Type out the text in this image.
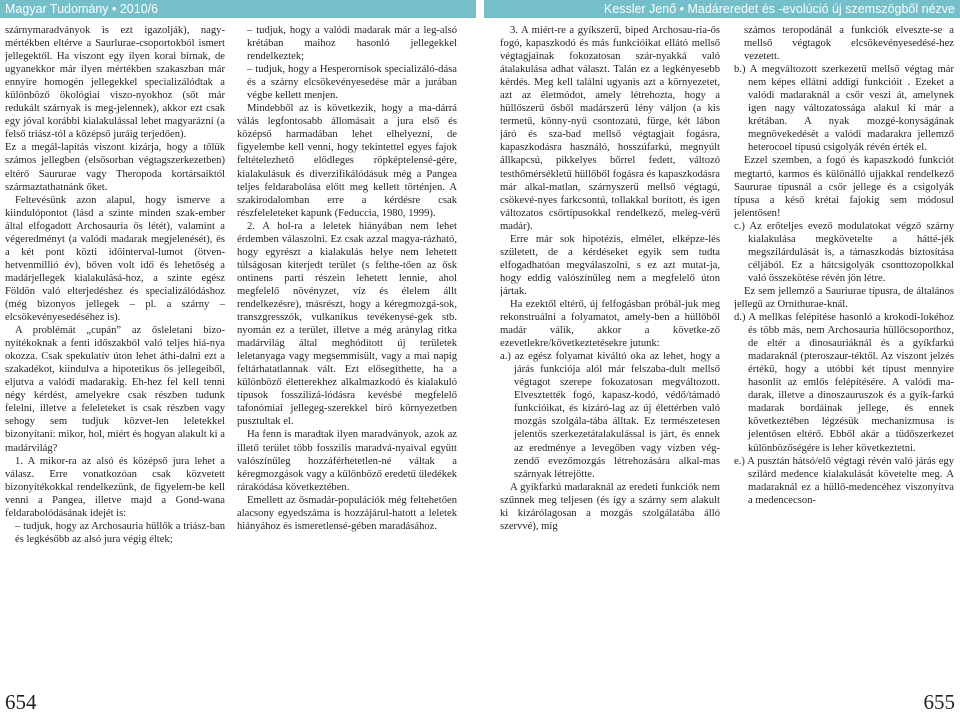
Magyar Tudomány • 2010/6	Kessler Jenő • Madáreredet és -evolúció új szemszögből nézve

szárnymaradványok is ezt igazolják), nagy-mértékben eltérve a Saurlurae-csoportokból ismert jellegektől. Ha viszont egy ilyen korai bírnak, de ugyanekkor már ilyen mértékben szakaszban már ennyire homogén jellegekkel specializálódtak a különböző ökológiai viszo-nyokhoz (sőt már redukált szárnyak is meg-jelennek), akkor ezt csak egy jóval korábbi kialakulással lehet magyarázni (a felső triász-tól a középső juráig terjedően).

Ez a megál-lapítás viszont kizárja, hogy a tőlük számos jellegben (elsősorban végtagszerkezetben) eltérő Saururae vagy Theropoda kortársaiktól származtathatnánk őket.

Feltevésünk azon alapul, hogy ismerve a kiindulópontot (lásd a szinte minden szak-ember által elfogadott Archosauria ős létét), valamint a végeredményt (a valódi madarak megjelenését), és a két pont közti időinterval-lumot (ötven-hetvenmillió év), bőven volt idő és lehetőség a madárjellegek kialakulásá-hoz, a szinte egész Földön való elterjedéshez és specializálódáshoz (még bizonyos jellegek – pl. a szárny – elcsökevényesedéséhez is).

A problémát „cupán” az ősleletani bizo-nyítékoknak a fenti időszakból való teljes hiá-nya okozza. Csak spekulatív úton lehet áthi-dalni ezt a szakadékot, kiindulva a hipotetikus ős jellegeiből, eljutva a valódi madarakig. Eh-hez fel kell tenni négy kérdést, amelyekre csak részben tudunk felelni, illetve a feleleteket is csak részben vagy sehogy sem tudjuk közvet-len leletekkel bizonyítani: mikor, hol, miért és hogyan alakult ki a madárvilág?

1. A mikor-ra az alsó és középső jura lehet a válasz. Erre vonatkozóan csak közvetett bizonyítékokkal rendelkezünk, de figyelem-be kell venni a Pangea, illetve majd a Gond-wana feldarabolódásának idejét is:

– tudjuk, hogy az Archosauria hüllők a triász-ban és legkésőbb az alsó jura végig éltek;

– tudjuk, hogy a valódi madarak már a leg-alsó krétában maihoz hasonló jellegekkel rendelkeztek;

– tudjuk, hogy a Hesperornisok specializáló-dása és a szárny elcsökevényesedése már a jurában végbe kellett menjen.

Mindebből az is következik, hogy a ma-dárrá válás legfontosabb állomásait a jura első és középső harmadában lehet elhelyezni, de figyelembe kell venni, hogy tekintettel egyes fajok feltételezhető elődleges röpképtelensé-gére, kialakulásuk és diverzifikálódásuk még a Pangea teljes feldarabolása előtt meg kellett történjen. A szakirodalomban erre a kérdésre csak részfeleleteket kapunk (Feduccia, 1980, 1999).

2. A hol-ra a leletek hiányában nem lehet érdemben válaszolni. Ez csak azzal magya-rázható, hogy egyrészt a kialakulás helye nem lehetett túlságosan kiterjedt terület (s felthe-tően az ősk ontinens parti részein lehetett lennie, ahol megfelelő növényzet, víz és élelem állt rendelkezésre), másrészt, hogy a kéregmozgá-sok, transzgresszók, vulkanikus tevékenysé-gek stb. nyomán ez a terület, illetve a még aránylag ritka madárvilág által meghódított új területek leletanyaga vagy megsemmisült, vagy a mai napig feltárhatatlannak vált. Ezt elősegíthette, ha a különböző életterekhez alkalmazkodó és kialakuló típusok fosszilizá-lódásra kevésbé megfelelő tafonómiai jellegeg-szerekkel bíró környezetben pusztultak el.

Ha fenn is maradtak ilyen maradványok, azok az illető terület több fosszilis maradvá-nyaival együtt valószínűleg hozzáférhetetlen-né váltak a kéregmozgások vagy a különböző eredetű üledékek rárakódása következtében.

Emellett az ősmadár-populációk még feltehetően alacsony egyedszáma is hozzájárul-hatott a leletek hiányához és ismeretlensé-gében maradásához.

3. A miért-re a gyíkszerű, biped Archosau-ria-ős fogó, kapaszkodó és más funkcióikat ellátó mellső végtagjainak fokozatosan szár-nyakká való átalakulása adhat választ. Talán ez a legkényesebb kérdés. Meg kell találni ugyanis azt a környezetet, azt az életmódot, amely létrehozta, hogy a hüllőszerű ősből madárszerű lény váljon (a kis termetű, könny-nyű csontozatú, fürge, két lábon járó és sza-bad mellső végtagjait fogásra, kapaszkodásra használó, hosszúfarkú, megnyúlt állkapcsú, pikkelyes bőrrel fedett, változó testhőmérsékletű hüllőből fogásra és kapaszkodásra már alkal-matlan, szárnyszerű mellső végtagú, csökevé-nyes farkcsontú, tollakkal borított, és igen változatos csőrtípusokkal rendelkező, meleg-vérű madár).

Erre már sok hipotézis, elmélet, elképze-lés született, de a kérdéseket egyik sem tudta elfogadhatóan megválaszolni, s ez azt mutat-ja, hogy eddig valószínűleg nem a megfelelő úton jártak.

Ha ezektől eltérő, új felfogásban próbál-juk meg rekonstruálni a folyamatot, amely-ben a hüllőből madár válik, akkor a követke-ző ezevetlekre/következtetésekre jutunk:

a.) az egész folyamat kiváltó oka az lehet, hogy a járás funkciója alól már felszaba-dult mellső végtagot szerepe fokozatosan megváltozott. Elvesztették fogó, kapasz-kodó, védő/támadó funkcióikat, és kizáró-lag az új élettérben való mozgás szolgála-tába álltak. Ez természetesen jelentős szerkezetátalakulással is járt, és ennek az eredménye a levegőben vagy vízben vég-zendő evezőmozgás létrehozására alkal-mas szárnyak létrejötte.

A gyíkfarkú madaraknál az eredeti funkciók nem szűnnek meg teljesen (és így a szárny sem alakult ki kizárólagosan a mozgás szolgálatába álló szervvé), míg

számos teropodánál a funkciók elveszte-se a mellső végtagok elcsökevényesedésé-hez vezetett.

b.) A megváltozott szerkezetű mellső végtag már nem képes ellátni addigi funkcióit . Ezeket a valódi madaraknál a csőr veszi át, amelynek igen nagy változatossága alakul ki már a krétában. A nyak mozgé-konyságának megnövekedését a valódi madarakra jellemző heterocoel típusú csigolyák révén érték el.

Ezzel szemben, a fogó és kapaszkodó funkciót megtartó, karmos és különálló ujjakkal rendelkező Saururae típusnál a csőr jellege és a csigolyák típusa a késő krétai fajokig sem módosul jelentősen!

c.) Az erőteljes evező modulatokat végző szárny kialakulása megkövetelte a hátté-jék megszilárdulását is, a támaszkodás biztosítása céljából. Ez a hátcsigolyák csonttozopolkkal való összekötése révén jön létre.

Ez sem jellemző a Sauriurae típusra, de általános jellegű az Ornithurae-knál.

d.) A mellkas felépítése hasonló a krokodi-lokéhoz és több más, nem Archosauria hüllőcsoporthoz, de eltér a dinosauriáknál és a gyíkfarkú madaraknál (pteroszaur-téktől. Az viszont jelzés értékű, hogy a utóbbi két típust mennyire hasonlít az emlős felépítésére. A valódi ma-darak, illetve a dinoszauruszok és a gyík-farkú madarak bordáinak jellege, és ennek következtében légzésük mechanizmusa is jelentősen eltérő. Ebből akár a tüdőszerkezet különbözőségére is leher következtetni.

e.) A pusztán hátsó/elő végtagi révén való járás egy szilárd medence kialakulását követelte meg. A madaraknál ez a hüllő-medencéhez viszonyítva a medencecson-

654	655
